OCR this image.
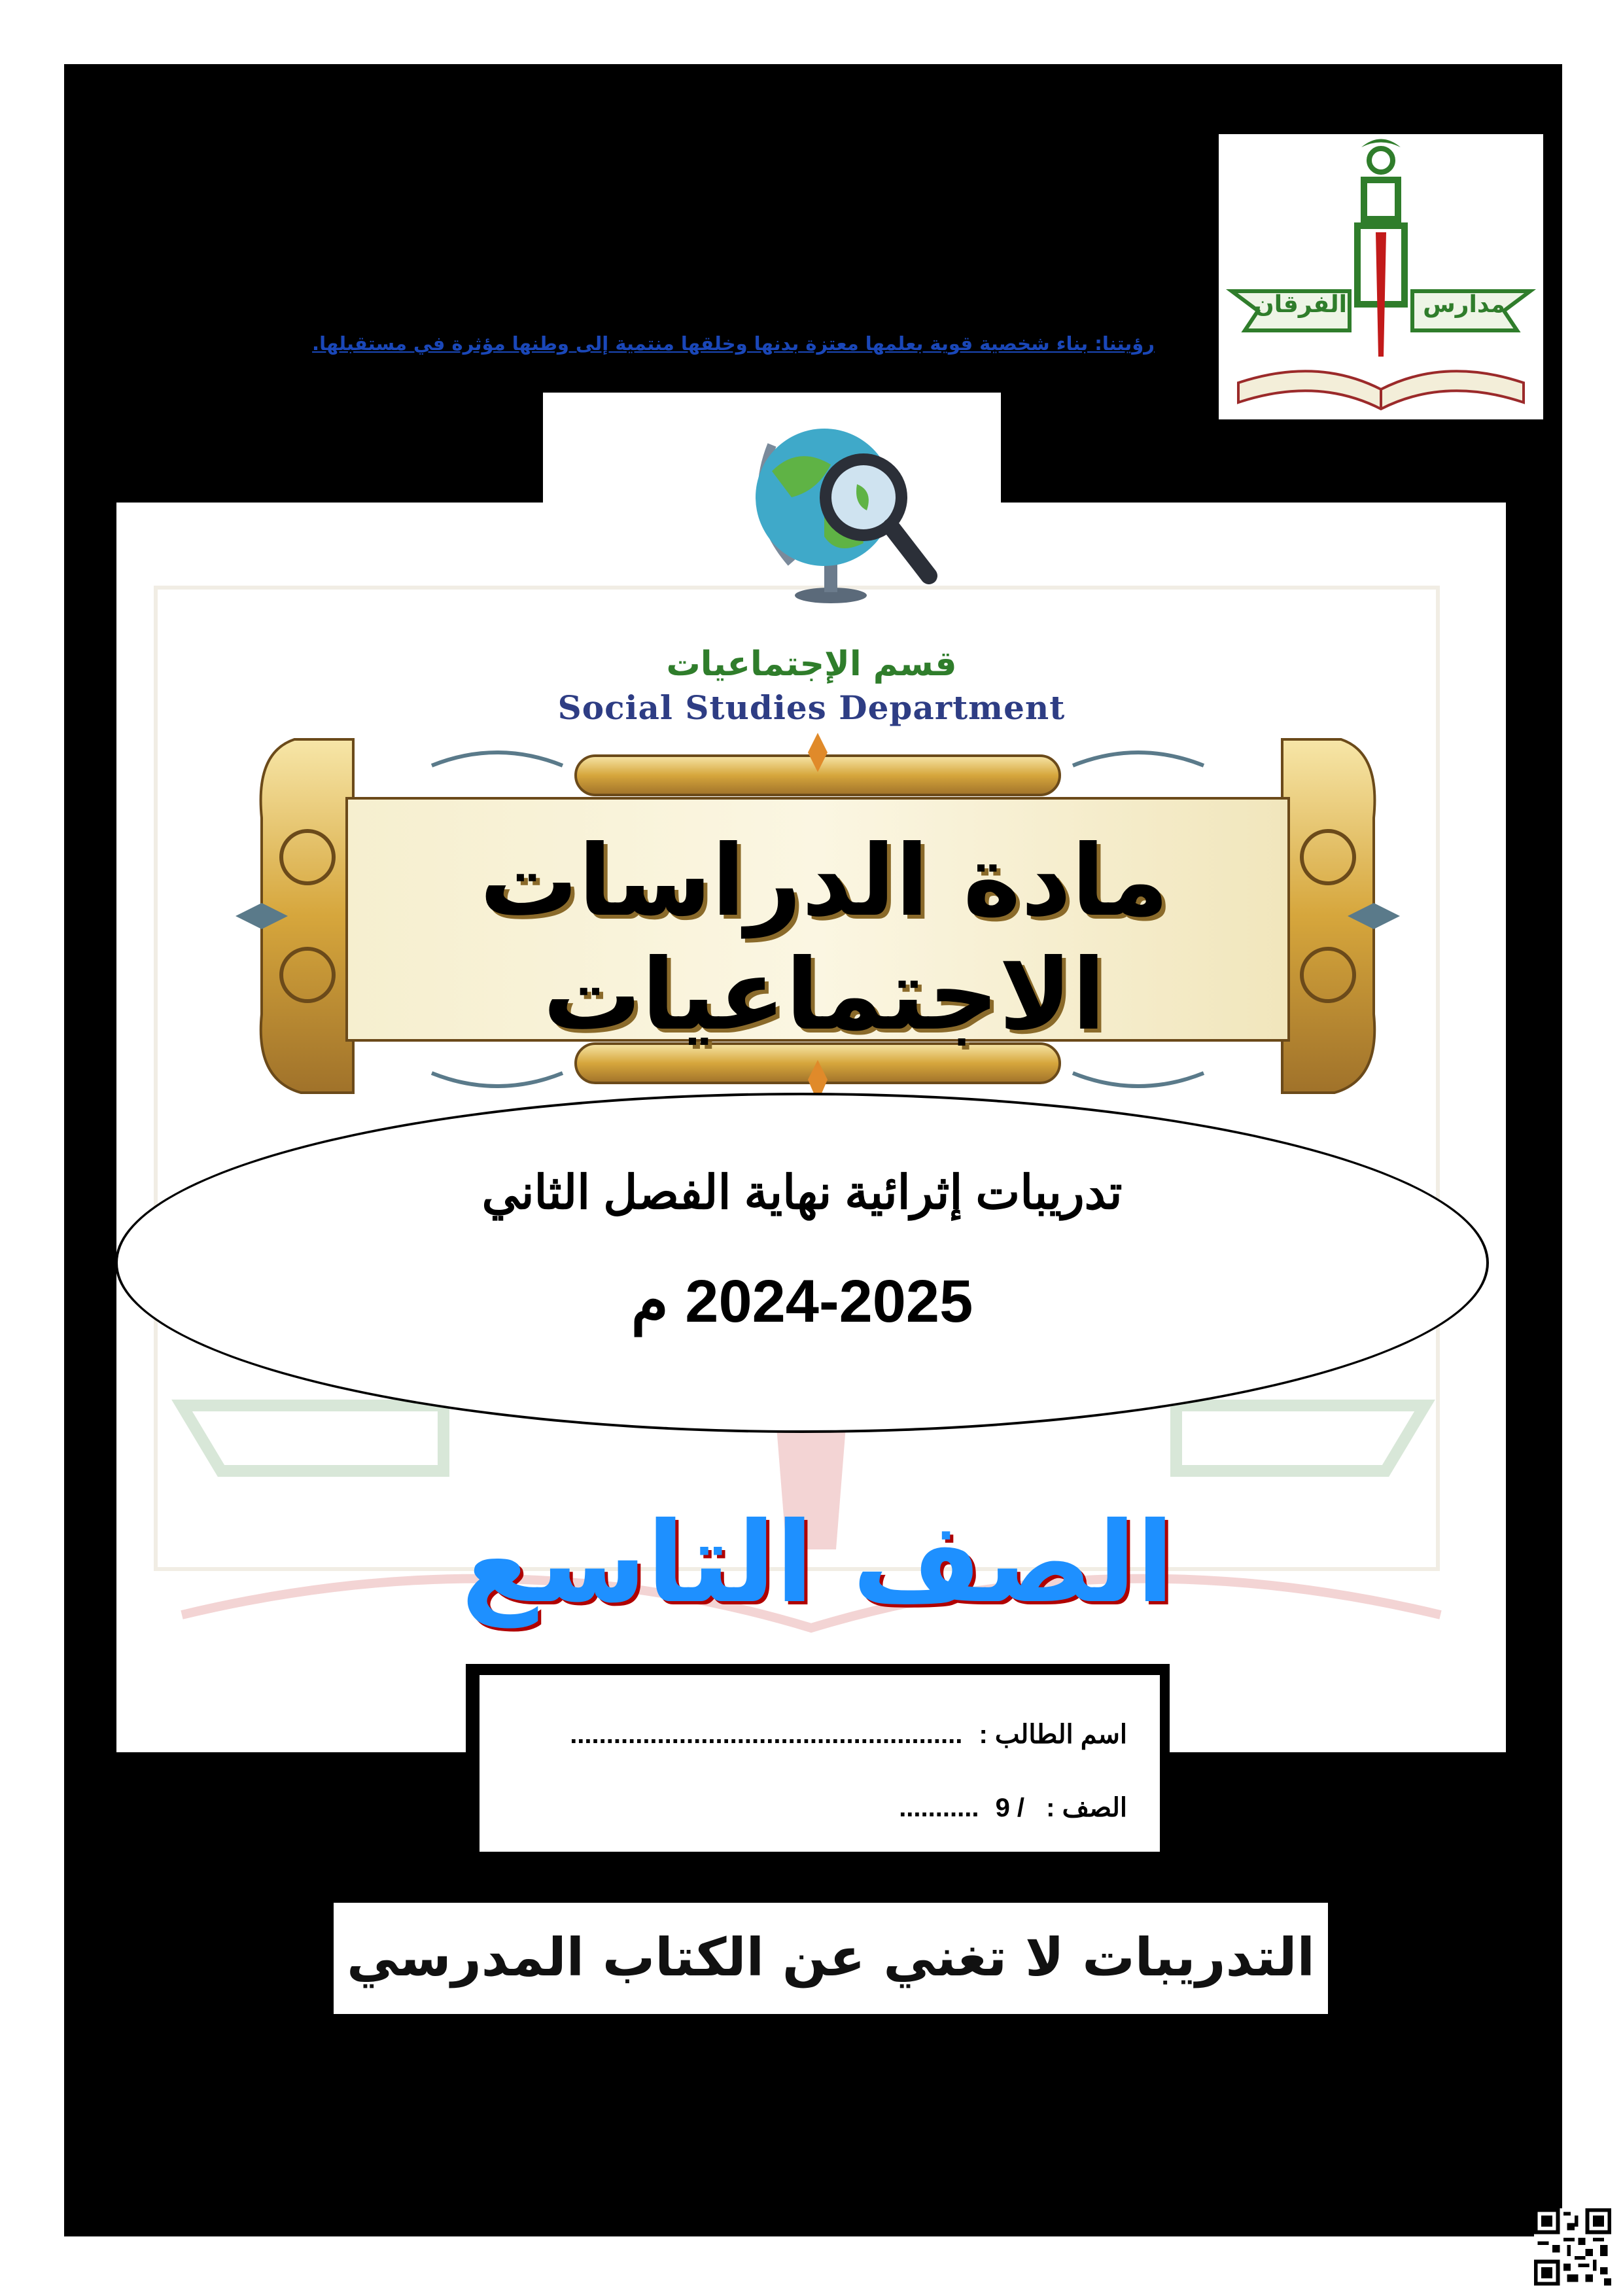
مدارس
الفرقان
رؤيتنا: بناء شخصية قوية بعلمها معتزة بدنها وخلقها منتمية إلى وطنها مؤثرة في مستقبلها.
قسم الإجتماعيات
Social Studies Department
مادة الدراسات الاجتماعيات
تدريبات إثرائية نهاية الفصل الثاني
2024-2025 م
الصف التاسع
اسم الطالب : ......................................................
الصف : 9 / ...........
التدريبات لا تغني عن الكتاب المدرسي
